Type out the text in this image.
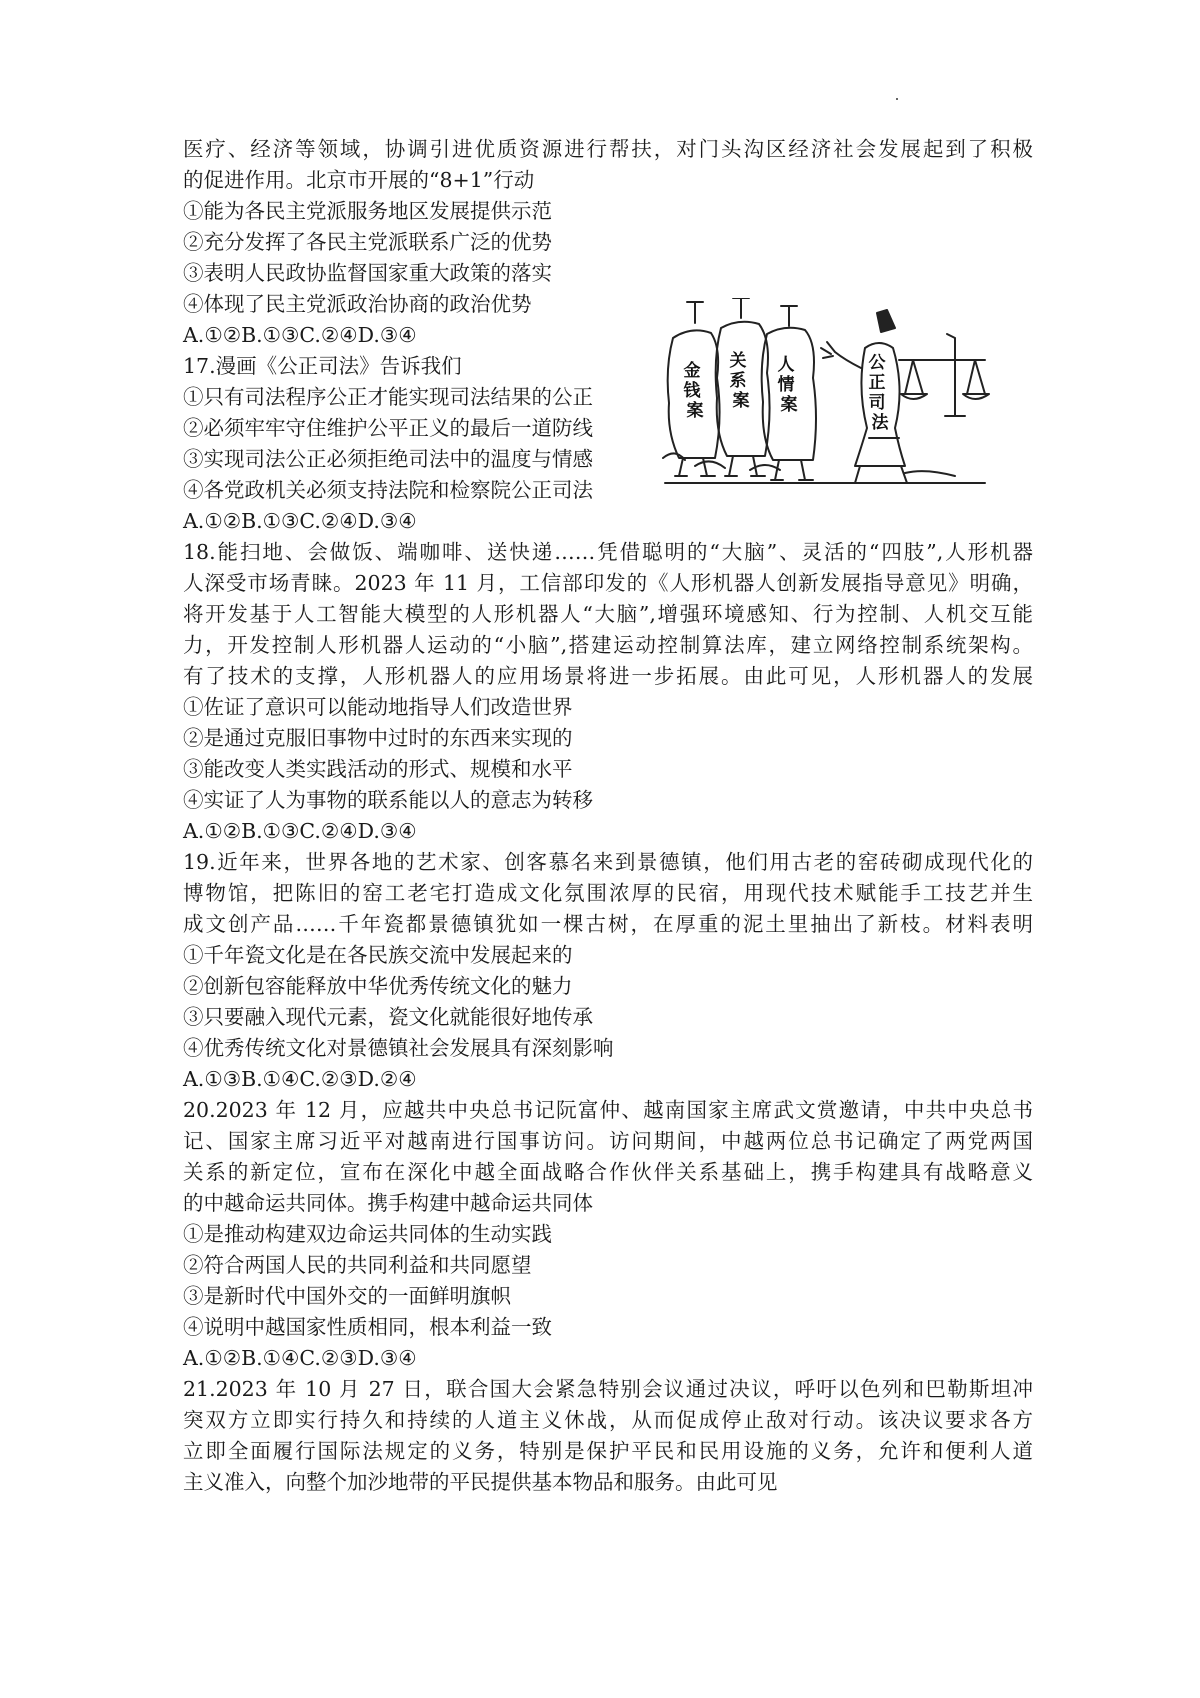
医疗、经济等领域，协调引进优质资源进行帮扶，对门头沟区经济社会发展起到了积极
的促进作用。北京市开展的“8+1”行动
①能为各民主党派服务地区发展提供示范
②充分发挥了各民主党派联系广泛的优势
③表明人民政协监督国家重大政策的落实
④体现了民主党派政治协商的政治优势
A.①②B.①③C.②④D.③④
17.漫画《公正司法》告诉我们
①只有司法程序公正才能实现司法结果的公正
②必须牢牢守住维护公平正义的最后一道防线
③实现司法公正必须拒绝司法中的温度与情感
④各党政机关必须支持法院和检察院公正司法
A.①②B.①③C.②④D.③④
金 钱 案
关 系 案
人 情 案
公 正 司 法
18.能扫地、会做饭、端咖啡、送快递……凭借聪明的“大脑”、灵活的“四肢”,人形机器
人深受市场青睐。2023 年 11 月，工信部印发的《人形机器人创新发展指导意见》明确，
将开发基于人工智能大模型的人形机器人“大脑”,增强环境感知、行为控制、人机交互能
力，开发控制人形机器人运动的“小脑”,搭建运动控制算法库，建立网络控制系统架构。
有了技术的支撑，人形机器人的应用场景将进一步拓展。由此可见，人形机器人的发展
①佐证了意识可以能动地指导人们改造世界
②是通过克服旧事物中过时的东西来实现的
③能改变人类实践活动的形式、规模和水平
④实证了人为事物的联系能以人的意志为转移
A.①②B.①③C.②④D.③④
19.近年来，世界各地的艺术家、创客慕名来到景德镇，他们用古老的窑砖砌成现代化的
博物馆，把陈旧的窑工老宅打造成文化氛围浓厚的民宿，用现代技术赋能手工技艺并生
成文创产品……千年瓷都景德镇犹如一棵古树，在厚重的泥土里抽出了新枝。材料表明
①千年瓷文化是在各民族交流中发展起来的
②创新包容能释放中华优秀传统文化的魅力
③只要融入现代元素，瓷文化就能很好地传承
④优秀传统文化对景德镇社会发展具有深刻影响
A.①③B.①④C.②③D.②④
20.2023 年 12 月，应越共中央总书记阮富仲、越南国家主席武文赏邀请，中共中央总书
记、国家主席习近平对越南进行国事访问。访问期间，中越两位总书记确定了两党两国
关系的新定位，宣布在深化中越全面战略合作伙伴关系基础上，携手构建具有战略意义
的中越命运共同体。携手构建中越命运共同体
①是推动构建双边命运共同体的生动实践
②符合两国人民的共同利益和共同愿望
③是新时代中国外交的一面鲜明旗帜
④说明中越国家性质相同，根本利益一致
A.①②B.①④C.②③D.③④
21.2023 年 10 月 27 日，联合国大会紧急特别会议通过决议，呼吁以色列和巴勒斯坦冲
突双方立即实行持久和持续的人道主义休战，从而促成停止敌对行动。该决议要求各方
立即全面履行国际法规定的义务，特别是保护平民和民用设施的义务，允许和便利人道
主义准入，向整个加沙地带的平民提供基本物品和服务。由此可见
